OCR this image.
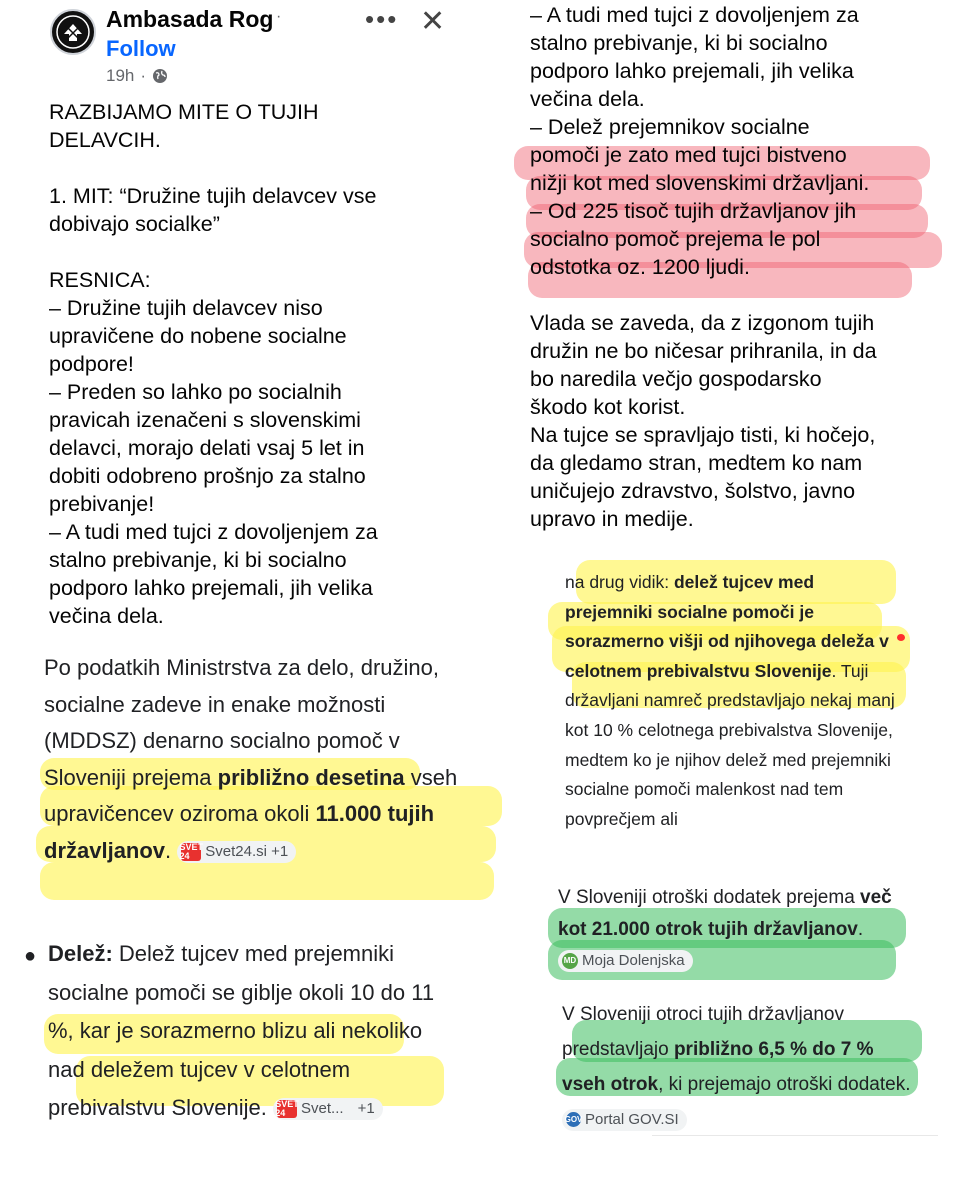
Ambasada Rog ·
Follow
19h ·
••• ✕
RAZBIJAMO MITE O TUJIH
DELAVCIH.

1. MIT: “Družine tujih delavcev vse
dobivajo socialke”

RESNICA:
– Družine tujih delavcev niso
upravičene do nobene socialne
podpore!
– Preden so lahko po socialnih
pravicah izenačeni s slovenskimi
delavci, morajo delati vsaj 5 let in
dobiti odobreno prošnjo za stalno
prebivanje!
– A tudi med tujci z dovoljenjem za
stalno prebivanje, ki bi socialno
podporo lahko prejemali, jih velika
večina dela.
Po podatkih Ministrstva za delo, družino, socialne zadeve in enake možnosti (MDDSZ) denarno socialno pomoč v Sloveniji prejema približno desetina vseh upravičencev oziroma okoli 11.000 tujih državljanov. SVET 24	Svet24.si +1
● Delež: Delež tujcev med prejemniki socialne pomoči se giblje okoli 10 do 11 %, kar je sorazmerno blizu ali nekoliko nad deležem tujcev v celotnem prebivalstvu Slovenije. SVET 24	Svet... +1
– A tudi med tujci z dovoljenjem za
stalno prebivanje, ki bi socialno
podporo lahko prejemali, jih velika
večina dela.
– Delež prejemnikov socialne
pomoči je zato med tujci bistveno
nižji kot med slovenskimi državljani.
– Od 225 tisoč tujih državljanov jih
socialno pomoč prejema le pol
odstotka oz. 1200 ljudi.

Vlada se zaveda, da z izgonom tujih
družin ne bo ničesar prihranila, in da
bo naredila večjo gospodarsko
škodo kot korist.
Na tujce se spravljajo tisti, ki hočejo,
da gledamo stran, medtem ko nam
uničujejo zdravstvo, šolstvo, javno
upravo in medije.
na drug vidik: delež tujcev med prejemniki socialne pomoči je sorazmerno višji od njihovega deleža v celotnem prebivalstvu Slovenije. Tuji državljani namreč predstavljajo nekaj manj kot 10 % celotnega prebivalstva Slovenije, medtem ko je njihov delež med prejemniki socialne pomoči malenkost nad tem povprečjem ali
V Sloveniji otroški dodatek prejema več kot 21.000 otrok tujih državljanov.
MD Moja Dolenjska
V Sloveniji otroci tujih državljanov predstavljajo približno 6,5 % do 7 % vseh otrok, ki prejemajo otroški dodatek.
GOV Portal GOV.SI
